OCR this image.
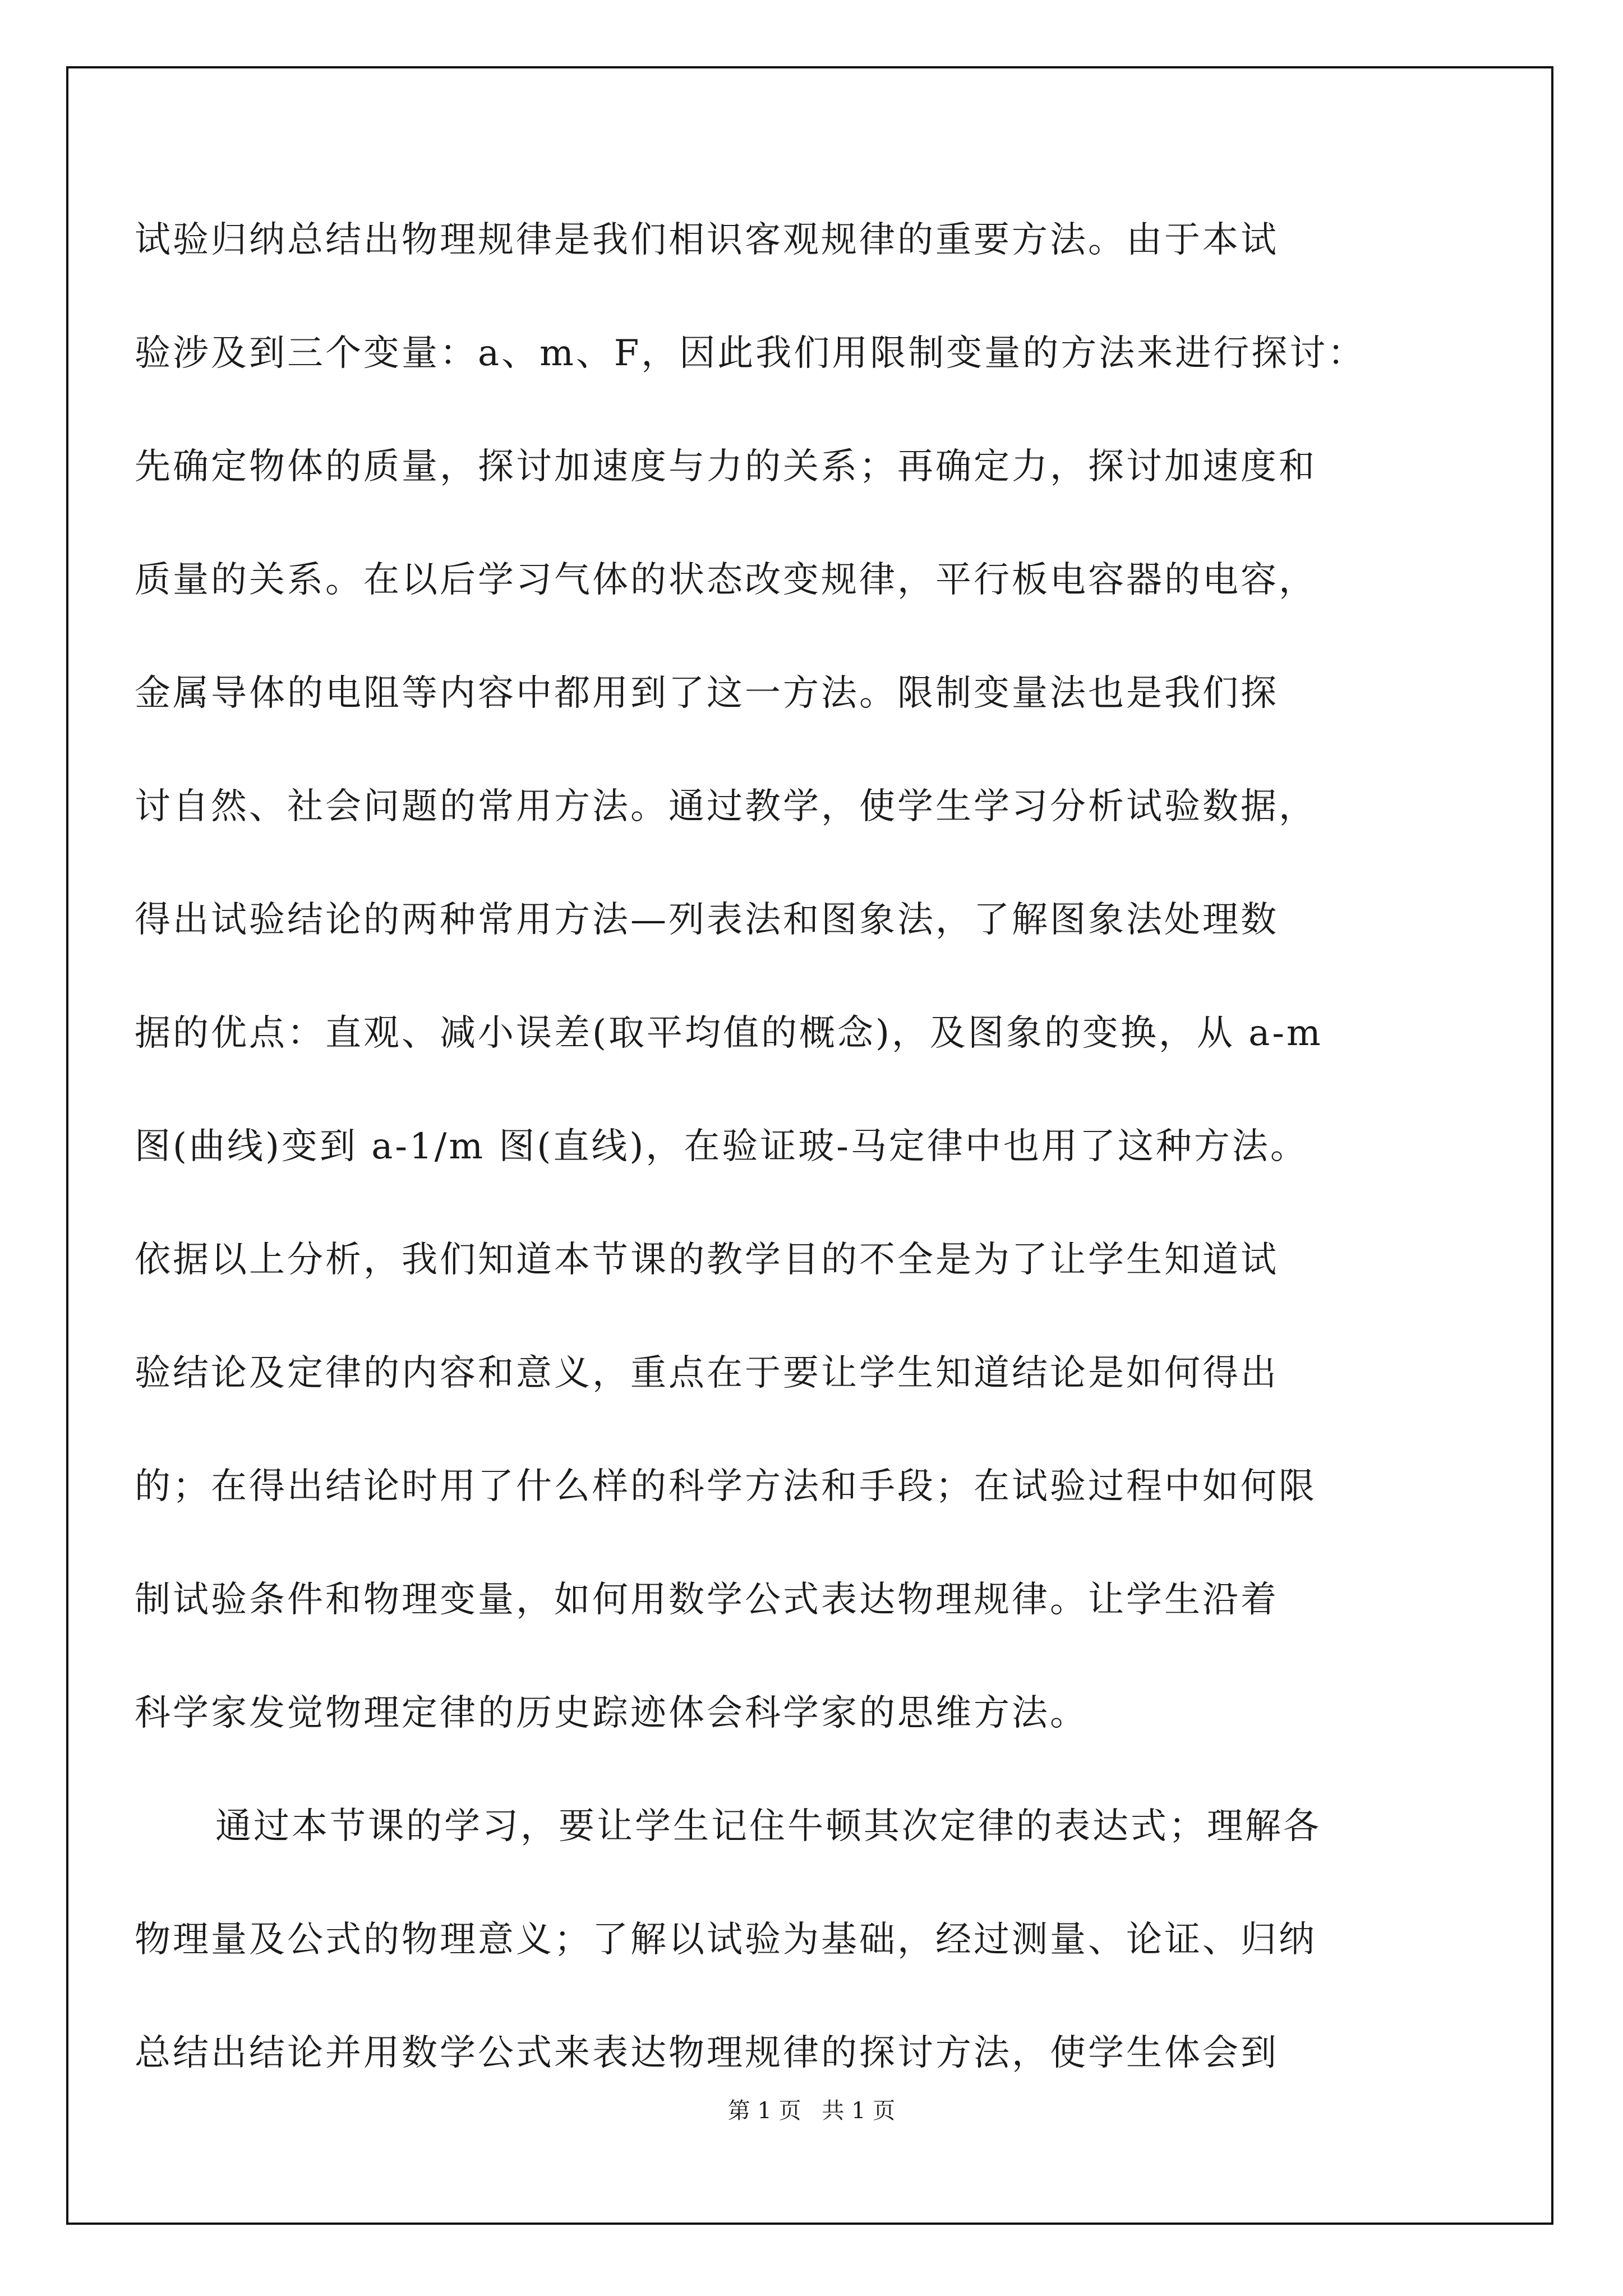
试验归纳总结出物理规律是我们相识客观规律的重要方法。由于本试
验涉及到三个变量：a、m、F，因此我们用限制变量的方法来进行探讨：
先确定物体的质量，探讨加速度与力的关系；再确定力，探讨加速度和
质量的关系。在以后学习气体的状态改变规律，平行板电容器的电容，
金属导体的电阻等内容中都用到了这一方法。限制变量法也是我们探
讨自然、社会问题的常用方法。通过教学，使学生学习分析试验数据，
得出试验结论的两种常用方法—列表法和图象法，了解图象法处理数
据的优点：直观、减小误差(取平均值的概念)，及图象的变换，从 a-m
图(曲线)变到 a-1/m 图(直线)，在验证玻-马定律中也用了这种方法。
依据以上分析，我们知道本节课的教学目的不全是为了让学生知道试
验结论及定律的内容和意义，重点在于要让学生知道结论是如何得出
的；在得出结论时用了什么样的科学方法和手段；在试验过程中如何限
制试验条件和物理变量，如何用数学公式表达物理规律。让学生沿着
科学家发觉物理定律的历史踪迹体会科学家的思维方法。
通过本节课的学习，要让学生记住牛顿其次定律的表达式；理解各
物理量及公式的物理意义；了解以试验为基础，经过测量、论证、归纳
总结出结论并用数学公式来表达物理规律的探讨方法，使学生体会到
第 1 页 共 1 页
